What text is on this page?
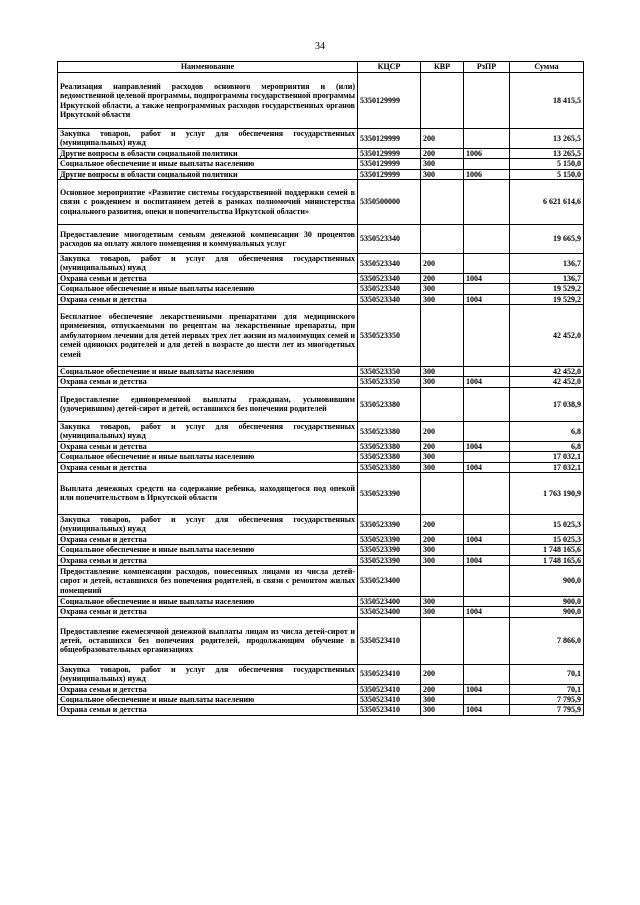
34
Наименование	КЦСР	КВР	РзПР	Сумма
Реализация направлений расходов основного мероприятия и (или) ведомственной целевой программы, подпрограммы государственной программы Иркутской области, а также непрограммных расходов государственных органов Иркутской области	5350129999			18 415,5
Закупка товаров, работ и услуг для обеспечения государственных (муниципальных) нужд	5350129999	200		13 265,5
Другие вопросы в области социальной политики	5350129999	200	1006	13 265,5
Социальное обеспечение и иные выплаты населению	5350129999	300		5 150,0
Другие вопросы в области социальной политики	5350129999	300	1006	5 150,0
Основное мероприятие «Развитие системы государственной поддержки семей в связи с рождением и воспитанием детей в рамках полномочий министерства социального развития, опеки и попечительства Иркутской области»	5350500000			6 621 614,6
Предоставление многодетным семьям денежной компенсации 30 процентов расходов на оплату жилого помещения и коммунальных услуг	5350523340			19 665,9
Закупка товаров, работ и услуг для обеспечения государственных (муниципальных) нужд	5350523340	200		136,7
Охрана семьи и детства	5350523340	200	1004	136,7
Социальное обеспечение и иные выплаты населению	5350523340	300		19 529,2
Охрана семьи и детства	5350523340	300	1004	19 529,2
Бесплатное обеспечение лекарственными препаратами для медицинского применения, отпускаемыми по рецептам на лекарственные препараты, при амбулаторном лечении для детей первых трех лет жизни из малоимущих семей и семей одиноких родителей и для детей в возрасте до шести лет из многодетных семей	5350523350			42 452,0
Социальное обеспечение и иные выплаты населению	5350523350	300		42 452,0
Охрана семьи и детства	5350523350	300	1004	42 452,0
Предоставление единовременной выплаты гражданам, усыновившим (удочерившим) детей-сирот и детей, оставшихся без попечения родителей	5350523380			17 038,9
Закупка товаров, работ и услуг для обеспечения государственных (муниципальных) нужд	5350523380	200		6,8
Охрана семьи и детства	5350523380	200	1004	6,8
Социальное обеспечение и иные выплаты населению	5350523380	300		17 032,1
Охрана семьи и детства	5350523380	300	1004	17 032,1
Выплата денежных средств на содержание ребенка, находящегося под опекой или попечительством в Иркутской области	5350523390			1 763 190,9
Закупка товаров, работ и услуг для обеспечения государственных (муниципальных) нужд	5350523390	200		15 025,3
Охрана семьи и детства	5350523390	200	1004	15 025,3
Социальное обеспечение и иные выплаты населению	5350523390	300		1 748 165,6
Охрана семьи и детства	5350523390	300	1004	1 748 165,6
Предоставление компенсации расходов, понесенных лицами из числа детей-сирот и детей, оставшихся без попечения родителей, в связи с ремонтом жилых помещений	5350523400			900,0
Социальное обеспечение и иные выплаты населению	5350523400	300		900,0
Охрана семьи и детства	5350523400	300	1004	900,0
Предоставление ежемесячной денежной выплаты лицам из числа детей-сирот и детей, оставшихся без попечения родителей, продолжающим обучение в общеобразовательных организациях	5350523410			7 866,0
Закупка товаров, работ и услуг для обеспечения государственных (муниципальных) нужд	5350523410	200		70,1
Охрана семьи и детства	5350523410	200	1004	70,1
Социальное обеспечение и иные выплаты населению	5350523410	300		7 795,9
Охрана семьи и детства	5350523410	300	1004	7 795,9
